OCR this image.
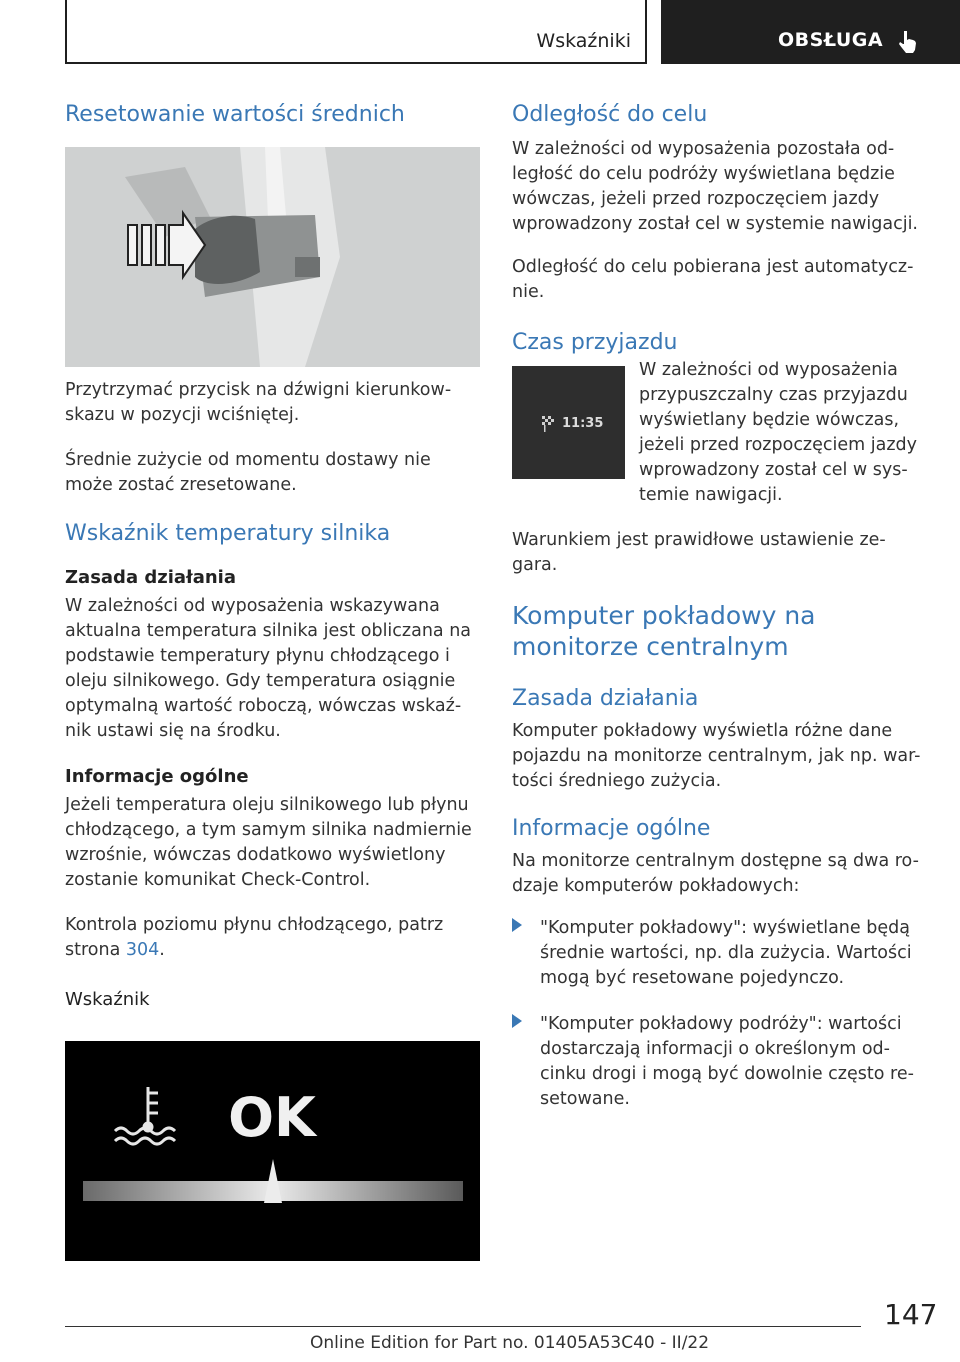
Wskaźniki	OBSŁUGA
Resetowanie wartości średnich

Przytrzymać przycisk na dźwigni kierunkow-skazu w pozycji wciśniętej.

Średnie zużycie od momentu dostawy nie może zostać zresetowane.

Wskaźnik temperatury silnika
Zasada działania

W zależności od wyposażenia wskazywana aktualna temperatura silnika jest obliczana na podstawie temperatury płynu chłodzącego i oleju silnikowego. Gdy temperatura osiągnie optymalną wartość roboczą, wówczas wskaź-nik ustawi się na środku.

Informacje ogólne

Jeżeli temperatura oleju silnikowego lub płynu chłodzącego, a tym samym silnika nadmiernie wzrośnie, wówczas dodatkowo wyświetlony zostanie komunikat Check-Control.

Kontrola poziomu płynu chłodzącego, patrz strona 304.

Wskaźnik
OK
Odległość do celu

W zależności od wyposażenia pozostała od-ległość do celu podróży wyświetlana będzie wówczas, jeżeli przed rozpoczęciem jazdy wprowadzony został cel w systemie nawigacji.

Odległość do celu pobierana jest automatycz-nie.

Czas przyjazdu
11:35

W zależności od wyposażenia przypuszczalny czas przyjazdu wyświetlany będzie wówczas, jeżeli przed rozpoczęciem jazdy wprowadzony został cel w sys-temie nawigacji.

Warunkiem jest prawidłowe ustawienie ze-gara.

Komputer pokładowy na monitorze centralnym
Zasada działania

Komputer pokładowy wyświetla różne dane pojazdu na monitorze centralnym, jak np. war-tości średniego zużycia.

Informacje ogólne

Na monitorze centralnym dostępne są dwa ro-dzaje komputerów pokładowych:

"Komputer pokładowy": wyświetlane będą średnie wartości, np. dla zużycia. Wartości mogą być resetowane pojedynczo.

"Komputer pokładowy podróży": wartości dostarczają informacji o określonym od-cinku drogi i mogą być dowolnie często re-setowane.

147
Online Edition for Part no. 01405A53C40 - II/22
